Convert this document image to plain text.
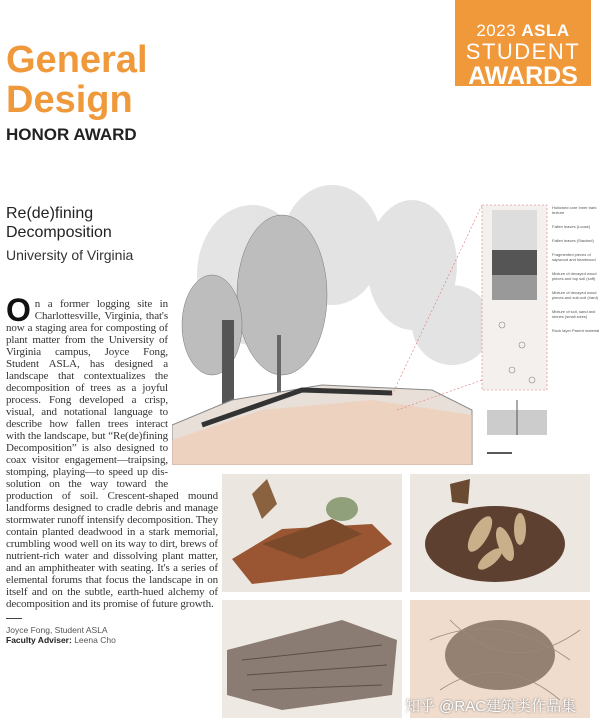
2023 ASLA
STUDENT
AWARDS
General
Design
HONOR AWARD
Re(de)fining
Decomposition
University of Virginia
On a former logging site in Charlottesville, Virginia, that's now a staging area for composting of plant matter from the University of Virginia campus, Joyce Fong, Student ASLA, has designed a landscape that contextualizes the decomposition of trees as a joyful process. Fong developed a crisp, visual, and notational language to describe how fallen trees interact with the landscape, but “Re(de)fining Decomposition” is also designed to coax visitor engagement—traipsing, stomping, playing—to speed up dis-solution on the way toward the production of soil. Crescent-shaped mound landforms designed to cradle debris and manage stormwater runoff intensify decomposition. They contain planted deadwood in a stark memorial, crumbling wood well on its way to dirt, brews of nutrient-rich water and dissolving plant matter, and an amphitheater with seating. It's a series of elemental forums that focus the landscape in on itself and on the subtle, earth-hued alchemy of decomposition and its promise of future growth.
Joyce Fong, Student ASLA
Faculty Adviser: Leena Cho
Hollowed core Inner bark texture
Fallen leaves (Loose)
Fallen leaves (Stacked)
Fragmented pieces of sapwood and heartwood
Mixture of decayed wood pieces and top soil (soft)
Mixture of decayed wood pieces and sub-soil (hard)
Mixture of soil, sand and stones (small sizes)
Rock layer Parent material
知乎 @RAC建筑类作品集
